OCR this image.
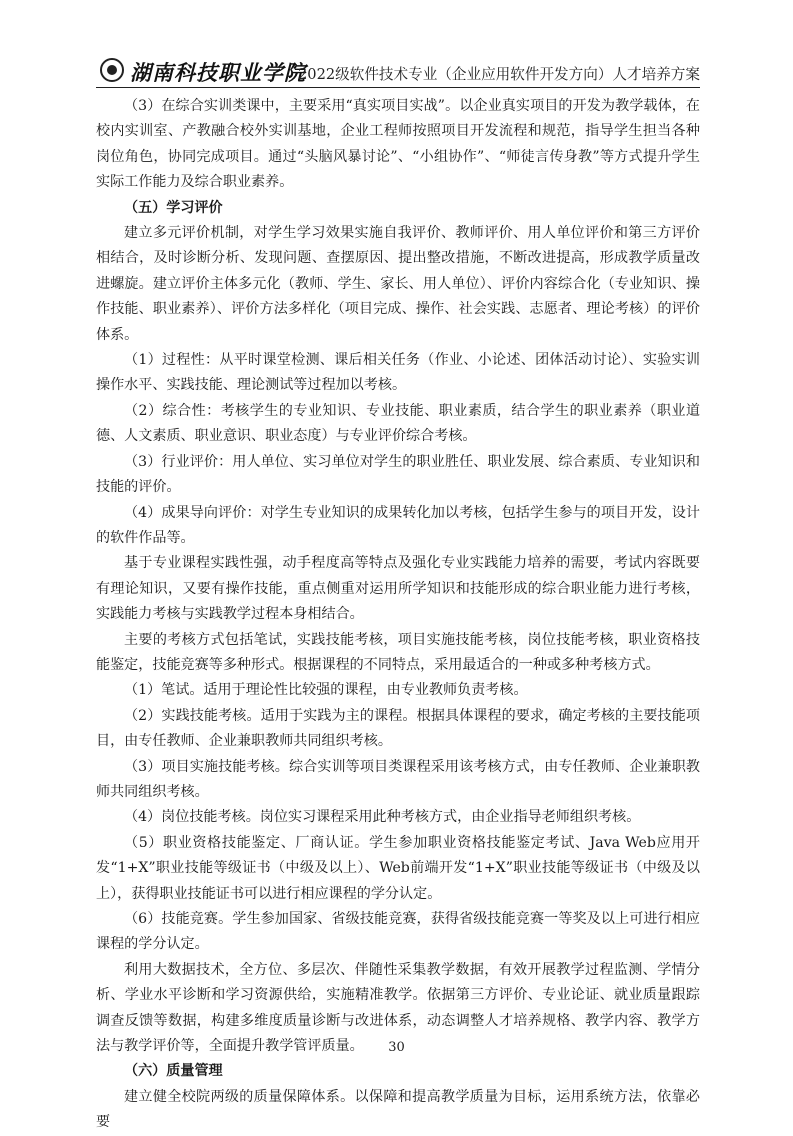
湖南科技职业学院
2022级软件技术专业（企业应用软件开发方向）人才培养方案

（3）在综合实训类课中，主要采用“真实项目实战”。以企业真实项目的开发为教学载体，在校内实训室、产教融合校外实训基地，企业工程师按照项目开发流程和规范，指导学生担当各种岗位角色，协同完成项目。通过“头脑风暴讨论”、“小组协作”、“师徒言传身教”等方式提升学生实际工作能力及综合职业素养。

（五）学习评价

建立多元评价机制，对学生学习效果实施自我评价、教师评价、用人单位评价和第三方评价相结合，及时诊断分析、发现问题、查摆原因、提出整改措施，不断改进提高，形成教学质量改进螺旋。建立评价主体多元化（教师、学生、家长、用人单位）、评价内容综合化（专业知识、操作技能、职业素养）、评价方法多样化（项目完成、操作、社会实践、志愿者、理论考核）的评价体系。

（1）过程性：从平时课堂检测、课后相关任务（作业、小论述、团体活动讨论）、实验实训操作水平、实践技能、理论测试等过程加以考核。

（2）综合性：考核学生的专业知识、专业技能、职业素质，结合学生的职业素养（职业道德、人文素质、职业意识、职业态度）与专业评价综合考核。

（3）行业评价：用人单位、实习单位对学生的职业胜任、职业发展、综合素质、专业知识和技能的评价。

（4）成果导向评价：对学生专业知识的成果转化加以考核，包括学生参与的项目开发，设计的软件作品等。

基于专业课程实践性强，动手程度高等特点及强化专业实践能力培养的需要，考试内容既要有理论知识，又要有操作技能，重点侧重对运用所学知识和技能形成的综合职业能力进行考核，实践能力考核与实践教学过程本身相结合。

主要的考核方式包括笔试，实践技能考核，项目实施技能考核，岗位技能考核，职业资格技能鉴定，技能竞赛等多种形式。根据课程的不同特点，采用最适合的一种或多种考核方式。

（1）笔试。适用于理论性比较强的课程，由专业教师负责考核。

（2）实践技能考核。适用于实践为主的课程。根据具体课程的要求，确定考核的主要技能项目，由专任教师、企业兼职教师共同组织考核。

（3）项目实施技能考核。综合实训等项目类课程采用该考核方式，由专任教师、企业兼职教师共同组织考核。

（4）岗位技能考核。岗位实习课程采用此种考核方式，由企业指导老师组织考核。

（5）职业资格技能鉴定、厂商认证。学生参加职业资格技能鉴定考试、Java Web应用开发“1+X”职业技能等级证书（中级及以上）、Web前端开发“1+X”职业技能等级证书（中级及以上），获得职业技能证书可以进行相应课程的学分认定。

（6）技能竞赛。学生参加国家、省级技能竞赛，获得省级技能竞赛一等奖及以上可进行相应课程的学分认定。

利用大数据技术，全方位、多层次、伴随性采集教学数据，有效开展教学过程监测、学情分析、学业水平诊断和学习资源供给，实施精准教学。依据第三方评价、专业论证、就业质量跟踪调查反馈等数据，构建多维度质量诊断与改进体系，动态调整人才培养规格、教学内容、教学方法与教学评价等，全面提升教学管评质量。

（六）质量管理

建立健全校院两级的质量保障体系。以保障和提高教学质量为目标，运用系统方法，依靠必要

30
